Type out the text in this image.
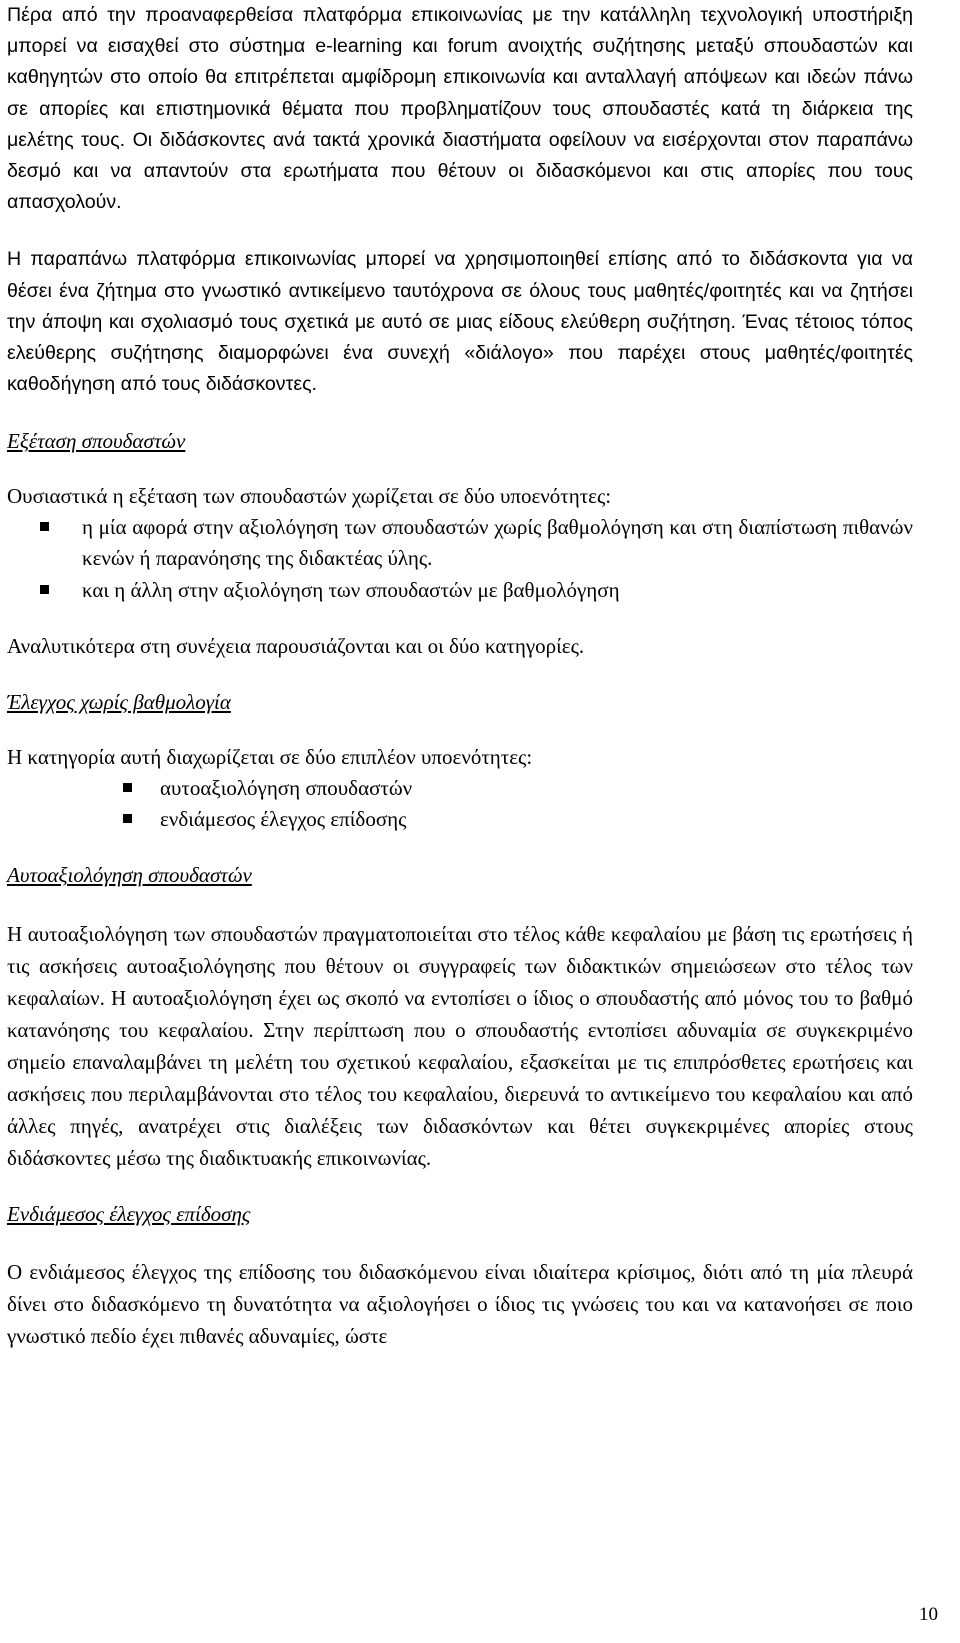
Πέρα από την προαναφερθείσα πλατφόρμα επικοινωνίας με την κατάλληλη τεχνολογική υποστήριξη μπορεί να εισαχθεί στο σύστημα e-learning και forum ανοιχτής συζήτησης μεταξύ σπουδαστών και καθηγητών στο οποίο θα επιτρέπεται αμφίδρομη επικοινωνία και ανταλλαγή απόψεων και ιδεών πάνω σε απορίες και επιστημονικά θέματα που προβληματίζουν τους σπουδαστές κατά τη διάρκεια της μελέτης τους. Οι διδάσκοντες ανά τακτά χρονικά διαστήματα οφείλουν να εισέρχονται στον παραπάνω δεσμό και να απαντούν στα ερωτήματα που θέτουν οι διδασκόμενοι και στις απορίες που τους απασχολούν.

Η παραπάνω πλατφόρμα επικοινωνίας μπορεί να χρησιμοποιηθεί επίσης από το διδάσκοντα για να θέσει ένα ζήτημα στο γνωστικό αντικείμενο ταυτόχρονα σε όλους τους μαθητές/φοιτητές και να ζητήσει την άποψη και σχολιασμό τους σχετικά με αυτό σε μιας είδους ελεύθερη συζήτηση. Ένας τέτοιος τόπος ελεύθερης συζήτησης διαμορφώνει ένα συνεχή «διάλογο» που παρέχει στους μαθητές/φοιτητές καθοδήγηση από τους διδάσκοντες.

Εξέταση σπουδαστών

Ουσιαστικά η εξέταση των σπουδαστών χωρίζεται σε δύο υποενότητες:

η μία αφορά στην αξιολόγηση των σπουδαστών χωρίς βαθμολόγηση και στη διαπίστωση πιθανών κενών ή παρανόησης της διδακτέας ύλης.
και η άλλη στην αξιολόγηση των σπουδαστών με βαθμολόγηση

Αναλυτικότερα στη συνέχεια παρουσιάζονται και οι δύο κατηγορίες.

Έλεγχος χωρίς βαθμολογία

Η κατηγορία αυτή διαχωρίζεται σε δύο επιπλέον υποενότητες:

αυτοαξιολόγηση σπουδαστών
ενδιάμεσος έλεγχος επίδοσης

Αυτοαξιολόγηση σπουδαστών

Η αυτοαξιολόγηση των σπουδαστών πραγματοποιείται στο τέλος κάθε κεφαλαίου με βάση τις ερωτήσεις ή τις ασκήσεις αυτοαξιολόγησης που θέτουν οι συγγραφείς των διδακτικών σημειώσεων στο τέλος των κεφαλαίων. Η αυτοαξιολόγηση έχει ως σκοπό να εντοπίσει ο ίδιος ο σπουδαστής από μόνος του το βαθμό κατανόησης του κεφαλαίου. Στην περίπτωση που ο σπουδαστής εντοπίσει αδυναμία σε συγκεκριμένο σημείο επαναλαμβάνει τη μελέτη του σχετικού κεφαλαίου, εξασκείται με τις επιπρόσθετες ερωτήσεις και ασκήσεις που περιλαμβάνονται στο τέλος του κεφαλαίου, διερευνά το αντικείμενο του κεφαλαίου και από άλλες πηγές, ανατρέχει στις διαλέξεις των διδασκόντων και θέτει συγκεκριμένες απορίες στους διδάσκοντες μέσω της διαδικτυακής επικοινωνίας.

Ενδιάμεσος έλεγχος επίδοσης

Ο ενδιάμεσος έλεγχος της επίδοσης του διδασκόμενου είναι ιδιαίτερα κρίσιμος, διότι από τη μία πλευρά δίνει στο διδασκόμενο τη δυνατότητα να αξιολογήσει ο ίδιος τις γνώσεις του και να κατανοήσει σε ποιο γνωστικό πεδίο έχει πιθανές αδυναμίες, ώστε

10
